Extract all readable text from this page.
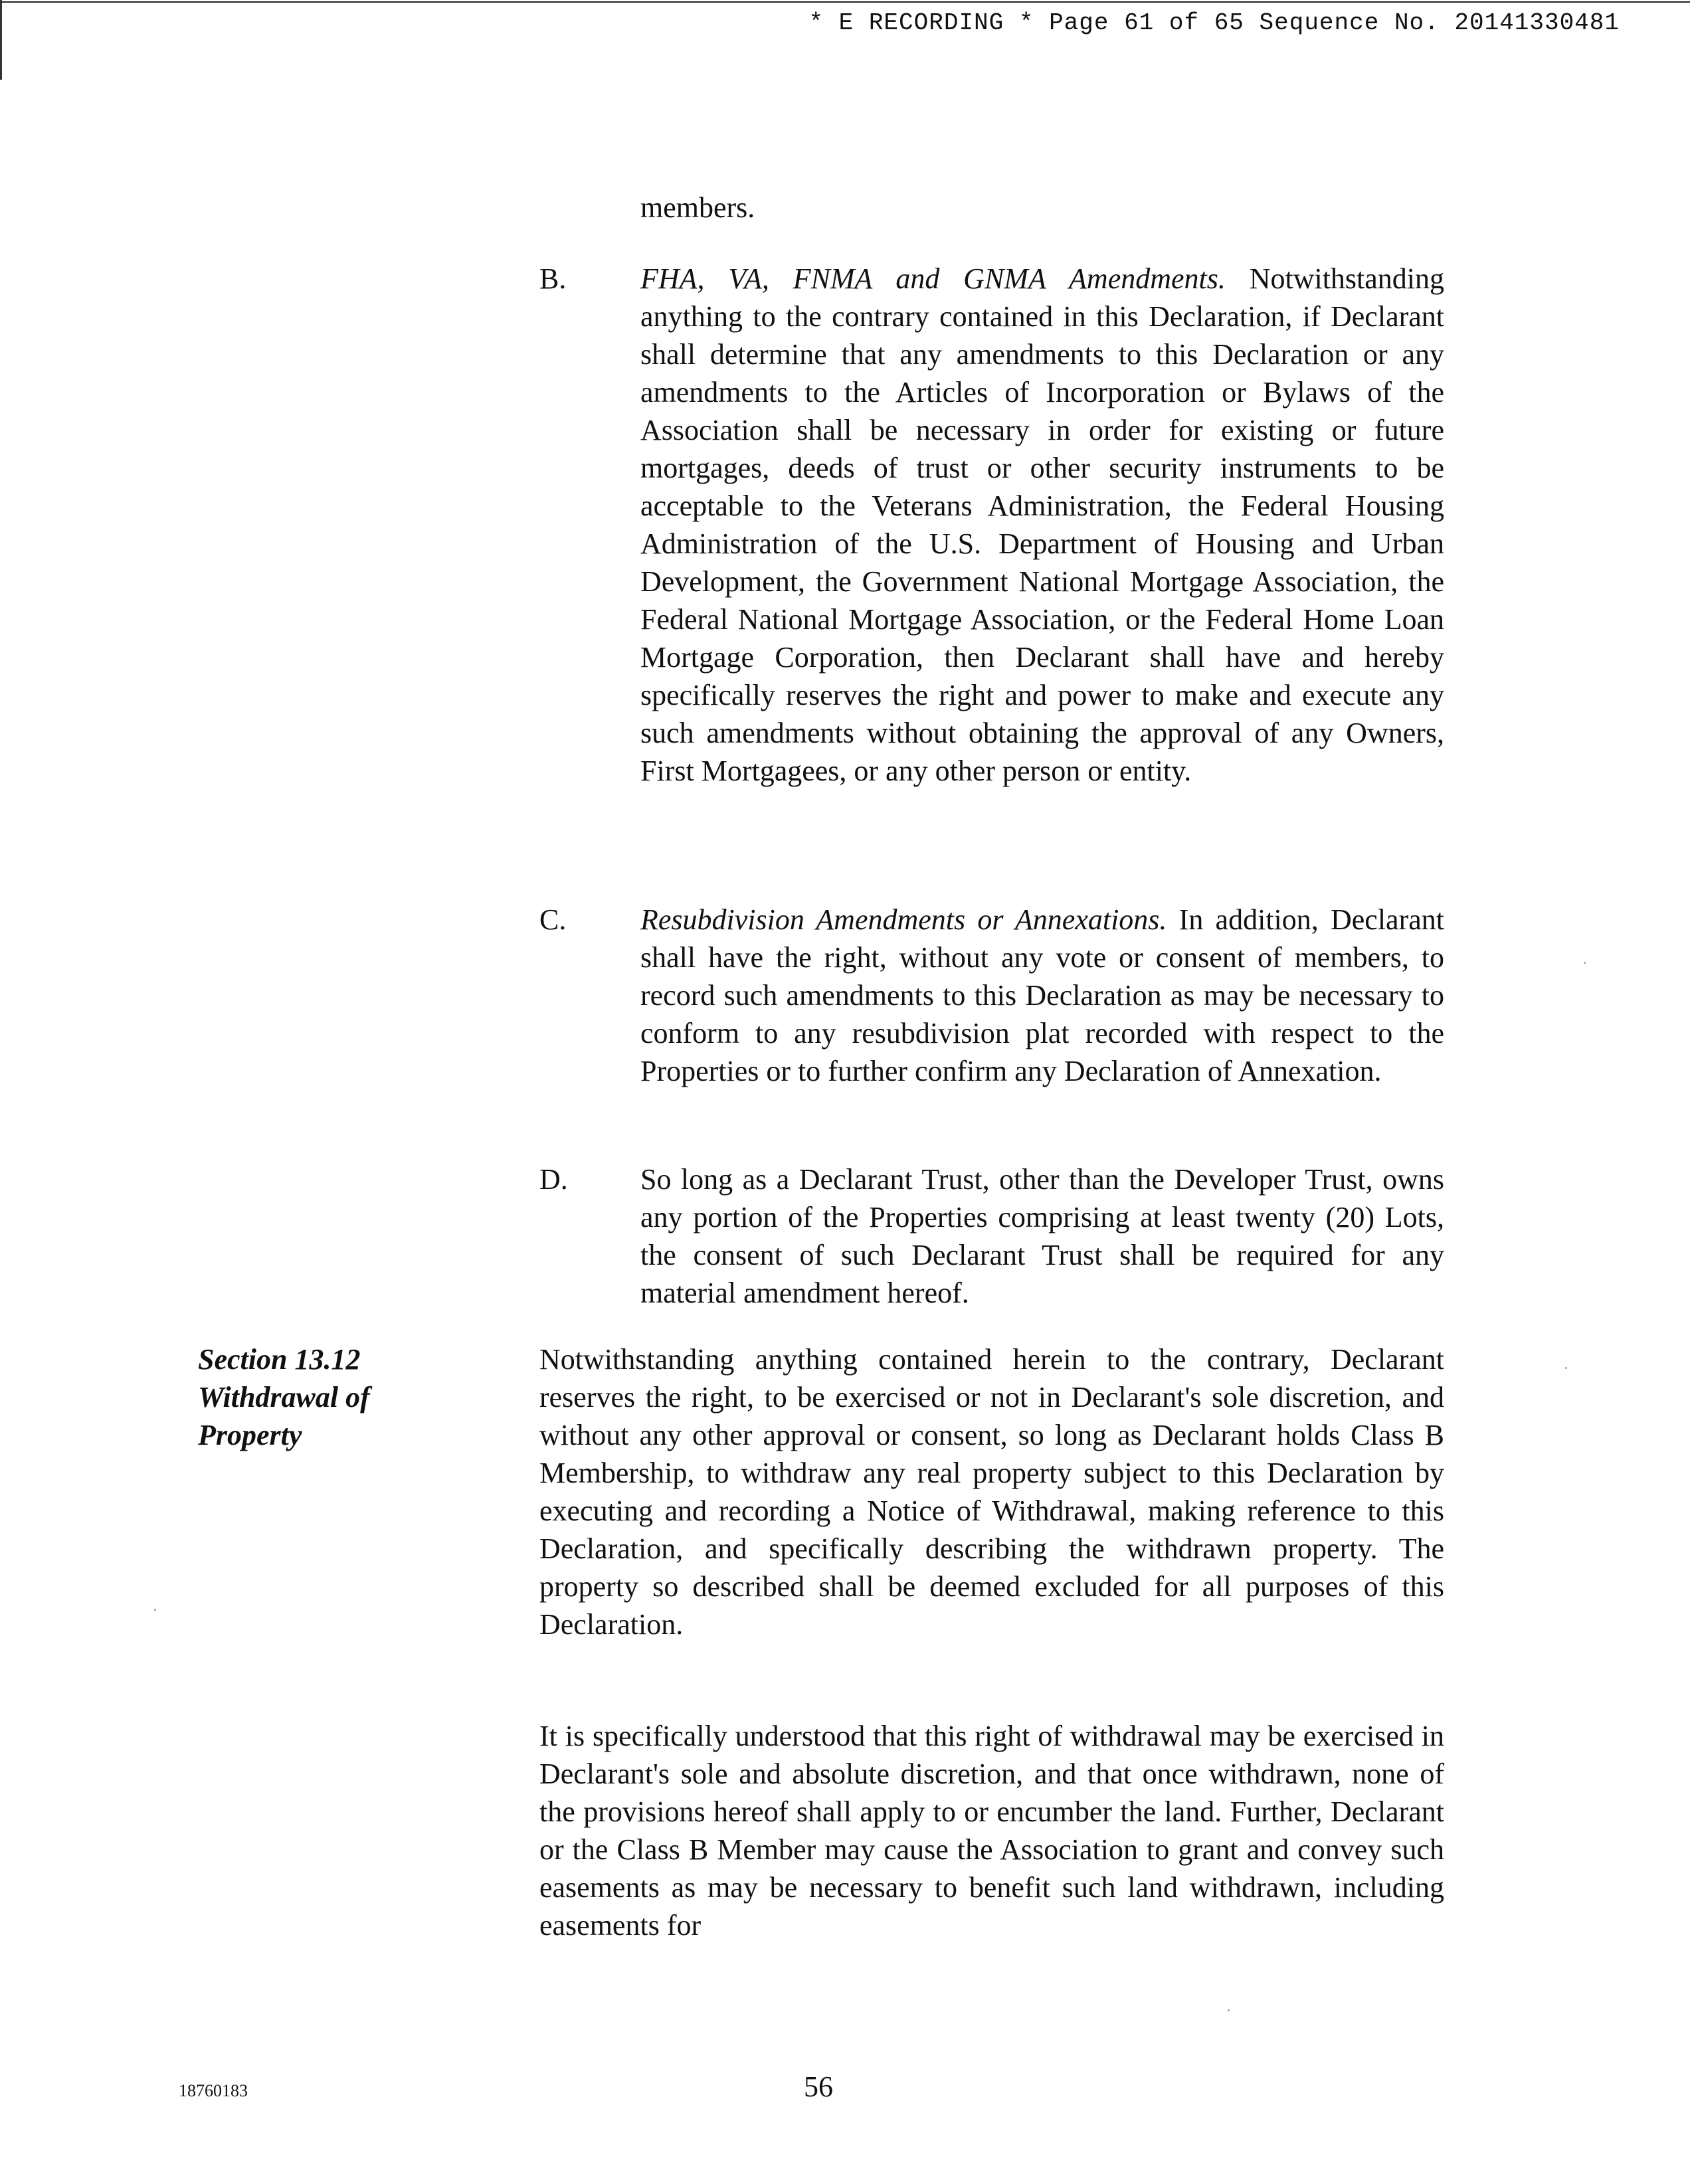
* E RECORDING * Page 61 of 65 Sequence No. 20141330481
members.
B.	FHA, VA, FNMA and GNMA Amendments. Notwithstanding anything to the contrary contained in this Declaration, if Declarant shall determine that any amendments to this Declaration or any amendments to the Articles of Incorporation or Bylaws of the Association shall be necessary in order for existing or future mortgages, deeds of trust or other security instruments to be acceptable to the Veterans Administration, the Federal Housing Administration of the U.S. Department of Housing and Urban Development, the Government National Mortgage Association, the Federal National Mortgage Association, or the Federal Home Loan Mortgage Corporation, then Declarant shall have and hereby specifically reserves the right and power to make and execute any such amendments without obtaining the approval of any Owners, First Mortgagees, or any other person or entity.
C.	Resubdivision Amendments or Annexations. In addition, Declarant shall have the right, without any vote or consent of members, to record such amendments to this Declaration as may be necessary to conform to any resubdivision plat recorded with respect to the Properties or to further confirm any Declaration of Annexation.
D. So long as a Declarant Trust, other than the Developer Trust, owns any portion of the Properties comprising at least twenty (20) Lots, the consent of such Declarant Trust shall be required for any material amendment hereof.
Section 13.12
Withdrawal of
Property
Notwithstanding anything contained herein to the contrary, Declarant reserves the right, to be exercised or not in Declarant's sole discretion, and without any other approval or consent, so long as Declarant holds Class B Membership, to withdraw any real property subject to this Declaration by executing and recording a Notice of Withdrawal, making reference to this Declaration, and specifically describing the withdrawn property. The property so described shall be deemed excluded for all purposes of this Declaration.
It is specifically understood that this right of withdrawal may be exercised in Declarant's sole and absolute discretion, and that once withdrawn, none of the provisions hereof shall apply to or encumber the land. Further, Declarant or the Class B Member may cause the Association to grant and convey such easements as may be necessary to benefit such land withdrawn, including easements for
18760183	56
